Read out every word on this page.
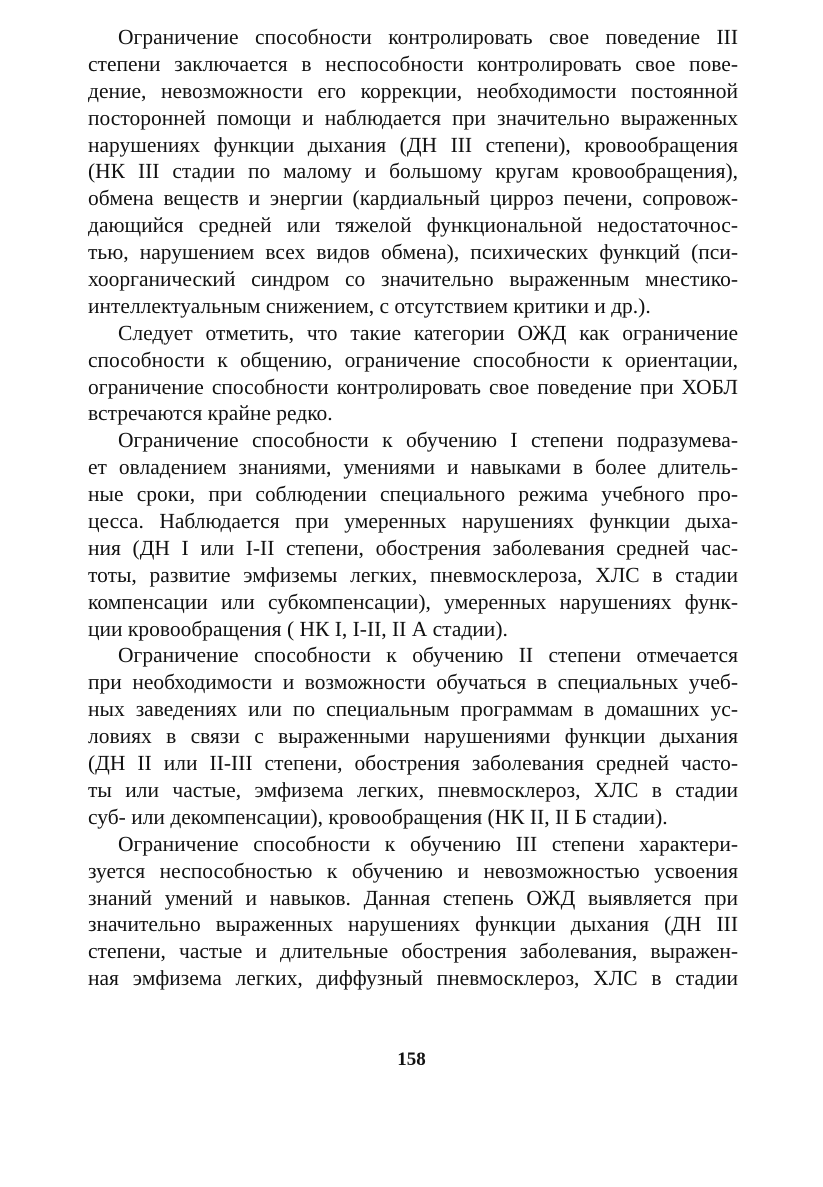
Ограничение способности контролировать свое поведение III
степени заключается в неспособности контролировать свое пове-
дение, невозможности его коррекции, необходимости постоянной
посторонней помощи и наблюдается при значительно выраженных
нарушениях функции дыхания (ДН III степени), кровообращения
(НК III стадии по малому и большому кругам кровообращения),
обмена веществ и энергии (кардиальный цирроз печени, сопровож-
дающийся средней или тяжелой функциональной недостаточнос-
тью, нарушением всех видов обмена), психических функций (пси-
хоорганический синдром со значительно выраженным мнестико-
интеллектуальным снижением, с отсутствием критики и др.).
Следует отметить, что такие категории ОЖД как ограничение
способности к общению, ограничение способности к ориентации,
ограничение способности контролировать свое поведение при ХОБЛ
встречаются крайне редко.
Ограничение способности к обучению I степени подразумева-
ет овладением знаниями, умениями и навыками в более длитель-
ные сроки, при соблюдении специального режима учебного про-
цесса. Наблюдается при умеренных нарушениях функции дыха-
ния (ДН I или I-II степени, обострения заболевания средней час-
тоты, развитие эмфиземы легких, пневмосклероза, ХЛС в стадии
компенсации или субкомпенсации), умеренных нарушениях функ-
ции кровообращения ( НК I, I-II, II А стадии).
Ограничение способности к обучению II степени отмечается
при необходимости и возможности обучаться в специальных учеб-
ных заведениях или по специальным программам в домашних ус-
ловиях в связи с выраженными нарушениями функции дыхания
(ДН II или II-III степени, обострения заболевания средней часто-
ты или частые, эмфизема легких, пневмосклероз, ХЛС в стадии
суб- или декомпенсации), кровообращения (НК II, II Б стадии).
Ограничение способности к обучению III степени характери-
зуется неспособностью к обучению и невозможностью усвоения
знаний умений и навыков. Данная степень ОЖД выявляется при
значительно выраженных нарушениях функции дыхания (ДН III
степени, частые и длительные обострения заболевания, выражен-
ная эмфизема легких, диффузный пневмосклероз, ХЛС в стадии
158
